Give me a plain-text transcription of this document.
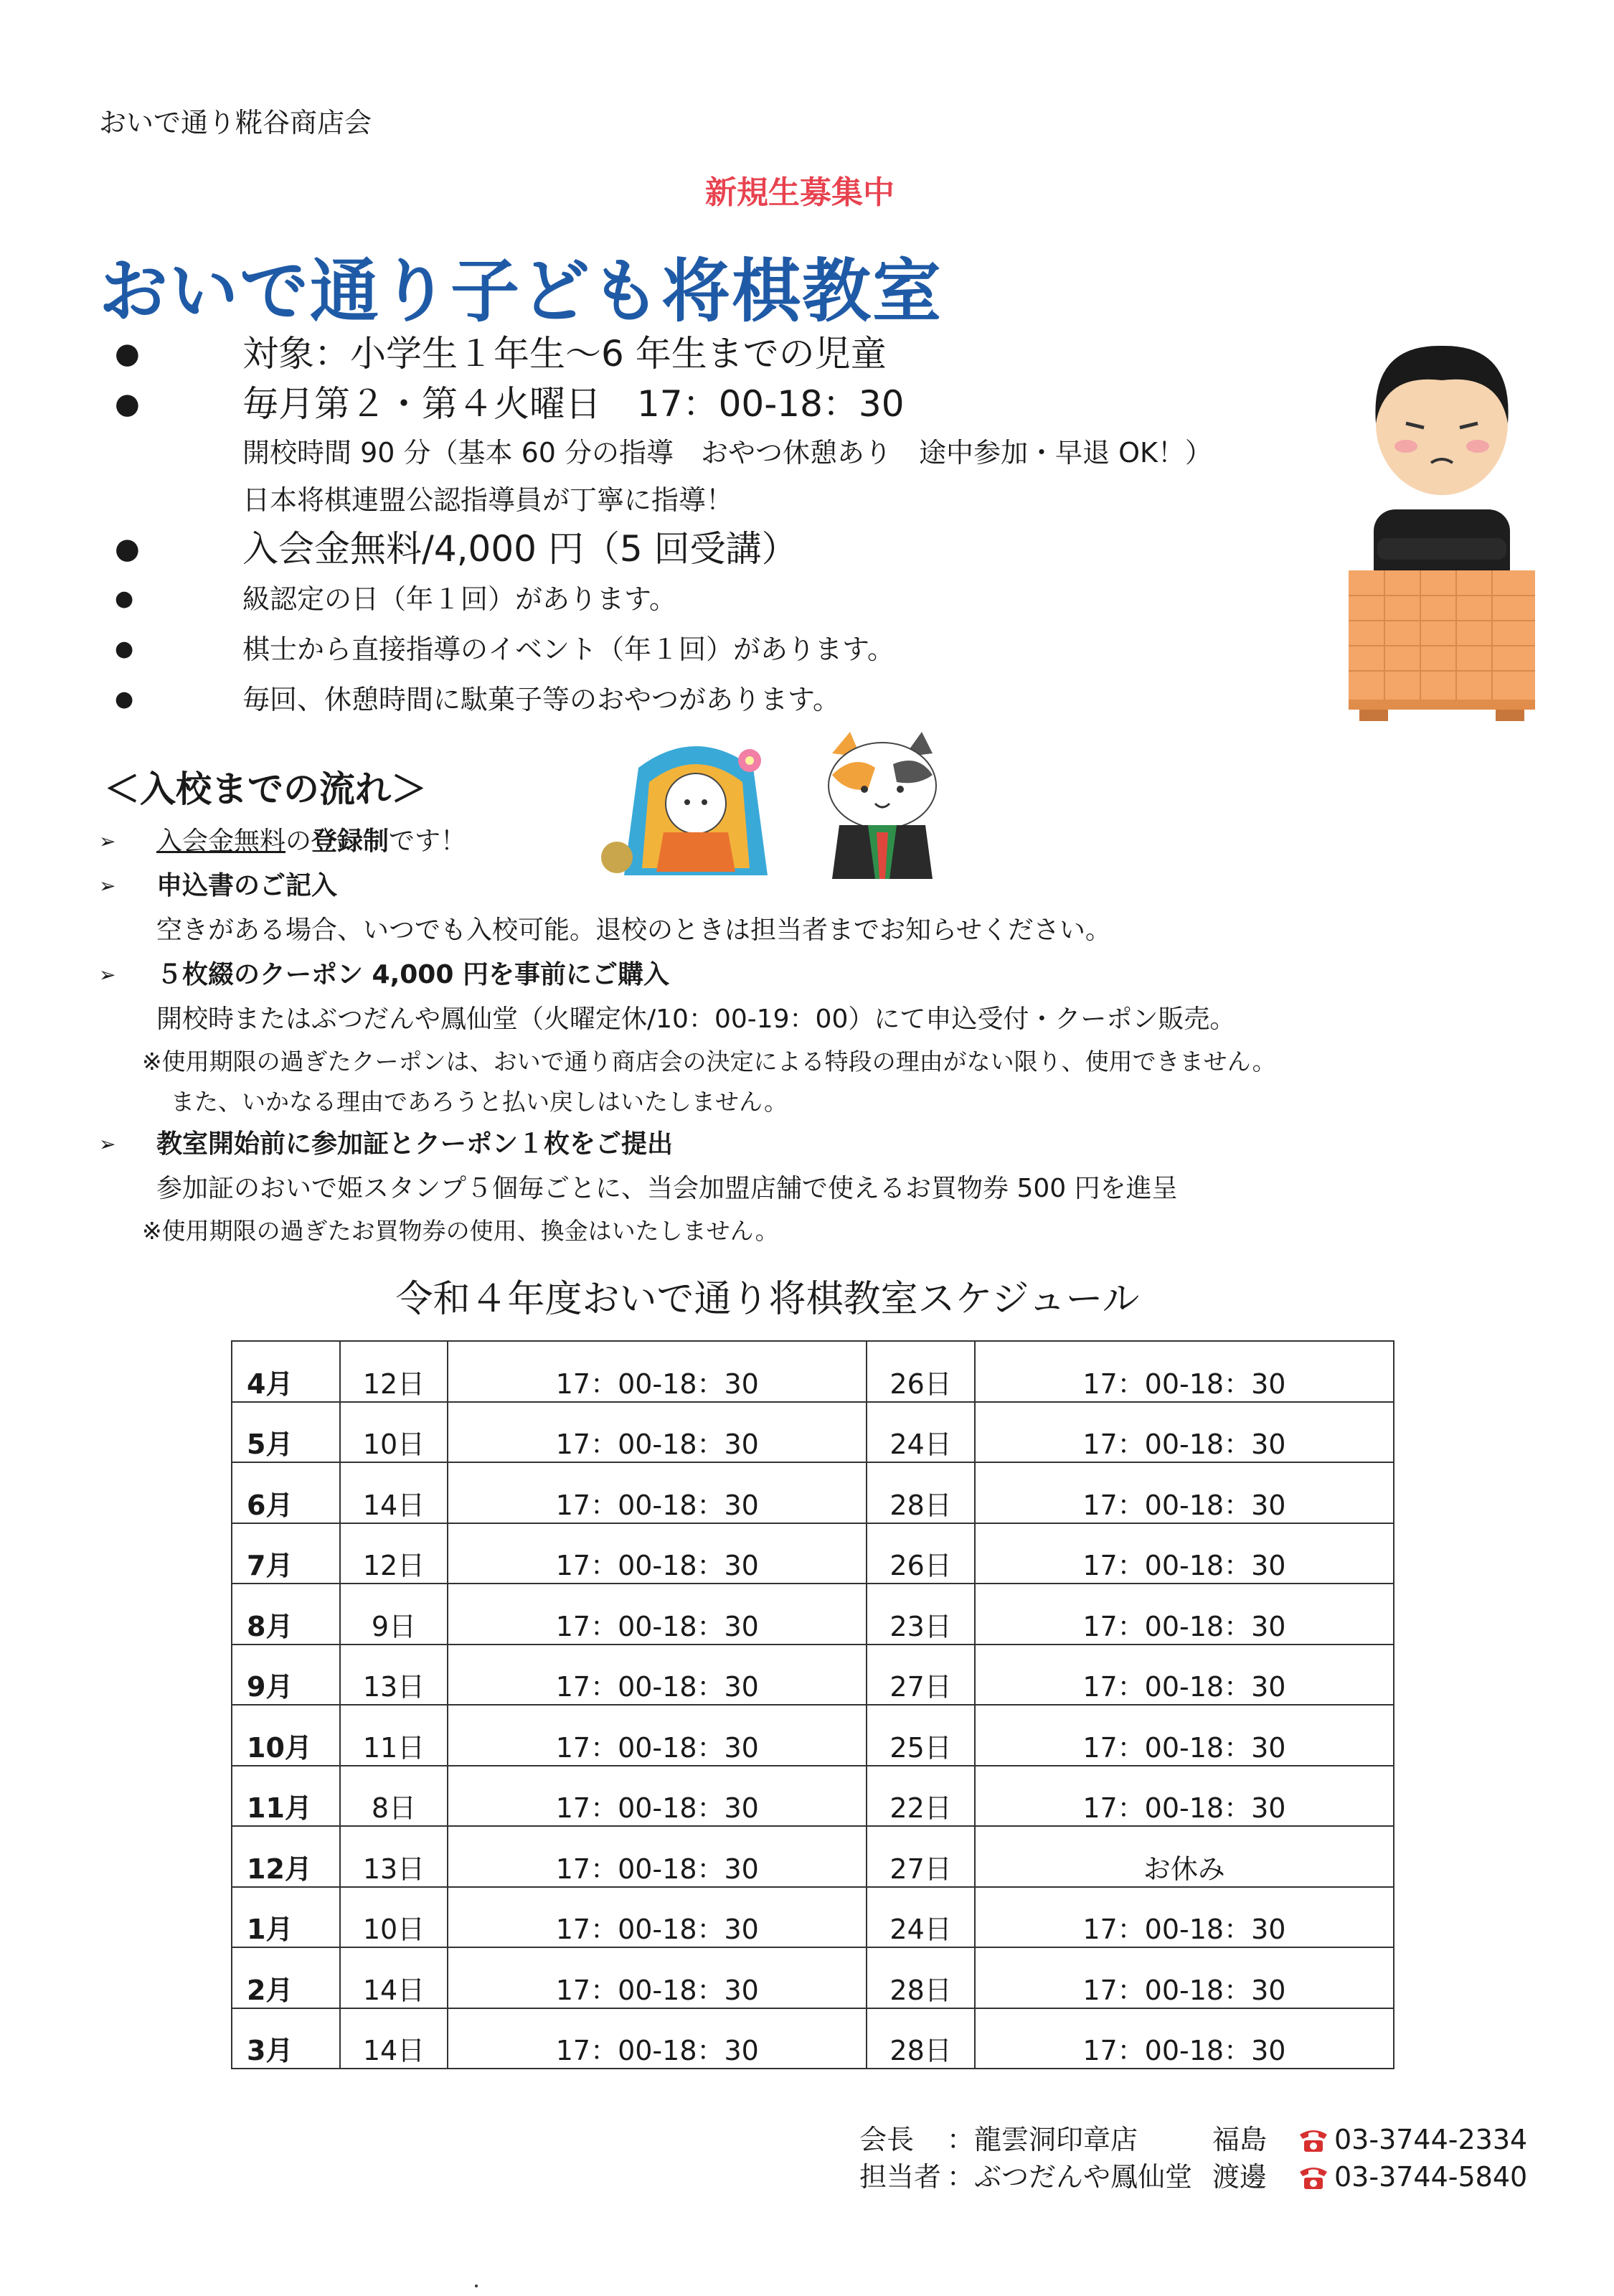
おいで通り糀谷商店会
新規生募集中
おいで通り子ども将棋教室
●	対象：小学生１年生～6 年生までの児童
●	毎月第２・第４火曜日　17：00-18：30
開校時間 90 分（基本 60 分の指導　おやつ休憩あり　途中参加・早退 OK！）
日本将棋連盟公認指導員が丁寧に指導！
●	入会金無料/4,000 円（5 回受講）
●	級認定の日（年１回）があります。
●	棋士から直接指導のイベント（年１回）があります。
●	毎回、休憩時間に駄菓子等のおやつがあります。
＜入校までの流れ＞
➢ 入会金無料の登録制です！
➢ 申込書のご記入
空きがある場合、いつでも入校可能。退校のときは担当者までお知らせください。
➢ ５枚綴のクーポン 4,000 円を事前にご購入
開校時またはぶつだんや鳳仙堂（火曜定休/10：00-19：00）にて申込受付・クーポン販売。
※使用期限の過ぎたクーポンは、おいで通り商店会の決定による特段の理由がない限り、使用できません。
また、いかなる理由であろうと払い戻しはいたしません。
➢ 教室開始前に参加証とクーポン１枚をご提出
参加証のおいで姫スタンプ５個毎ごとに、当会加盟店舗で使えるお買物券 500 円を進呈
※使用期限の過ぎたお買物券の使用、換金はいたしません。
令和４年度おいで通り将棋教室スケジュール
4月	12日	17：00-18：30	26日	17：00-18：30
5月	10日	17：00-18：30	24日	17：00-18：30
6月	14日	17：00-18：30	28日	17：00-18：30
7月	12日	17：00-18：30	26日	17：00-18：30
8月	9日	17：00-18：30	23日	17：00-18：30
9月	13日	17：00-18：30	27日	17：00-18：30
10月	11日	17：00-18：30	25日	17：00-18：30
11月	8日	17：00-18：30	22日	17：00-18：30
12月	13日	17：00-18：30	27日	お休み
1月	10日	17：00-18：30	24日	17：00-18：30
2月	14日	17：00-18：30	28日	17：00-18：30
3月	14日	17：00-18：30	28日	17：00-18：30
会長	：龍雲洞印章店	福島	03-3744-2334
担当者 ：ぶつだんや鳳仙堂 渡邊	03-3744-5840
